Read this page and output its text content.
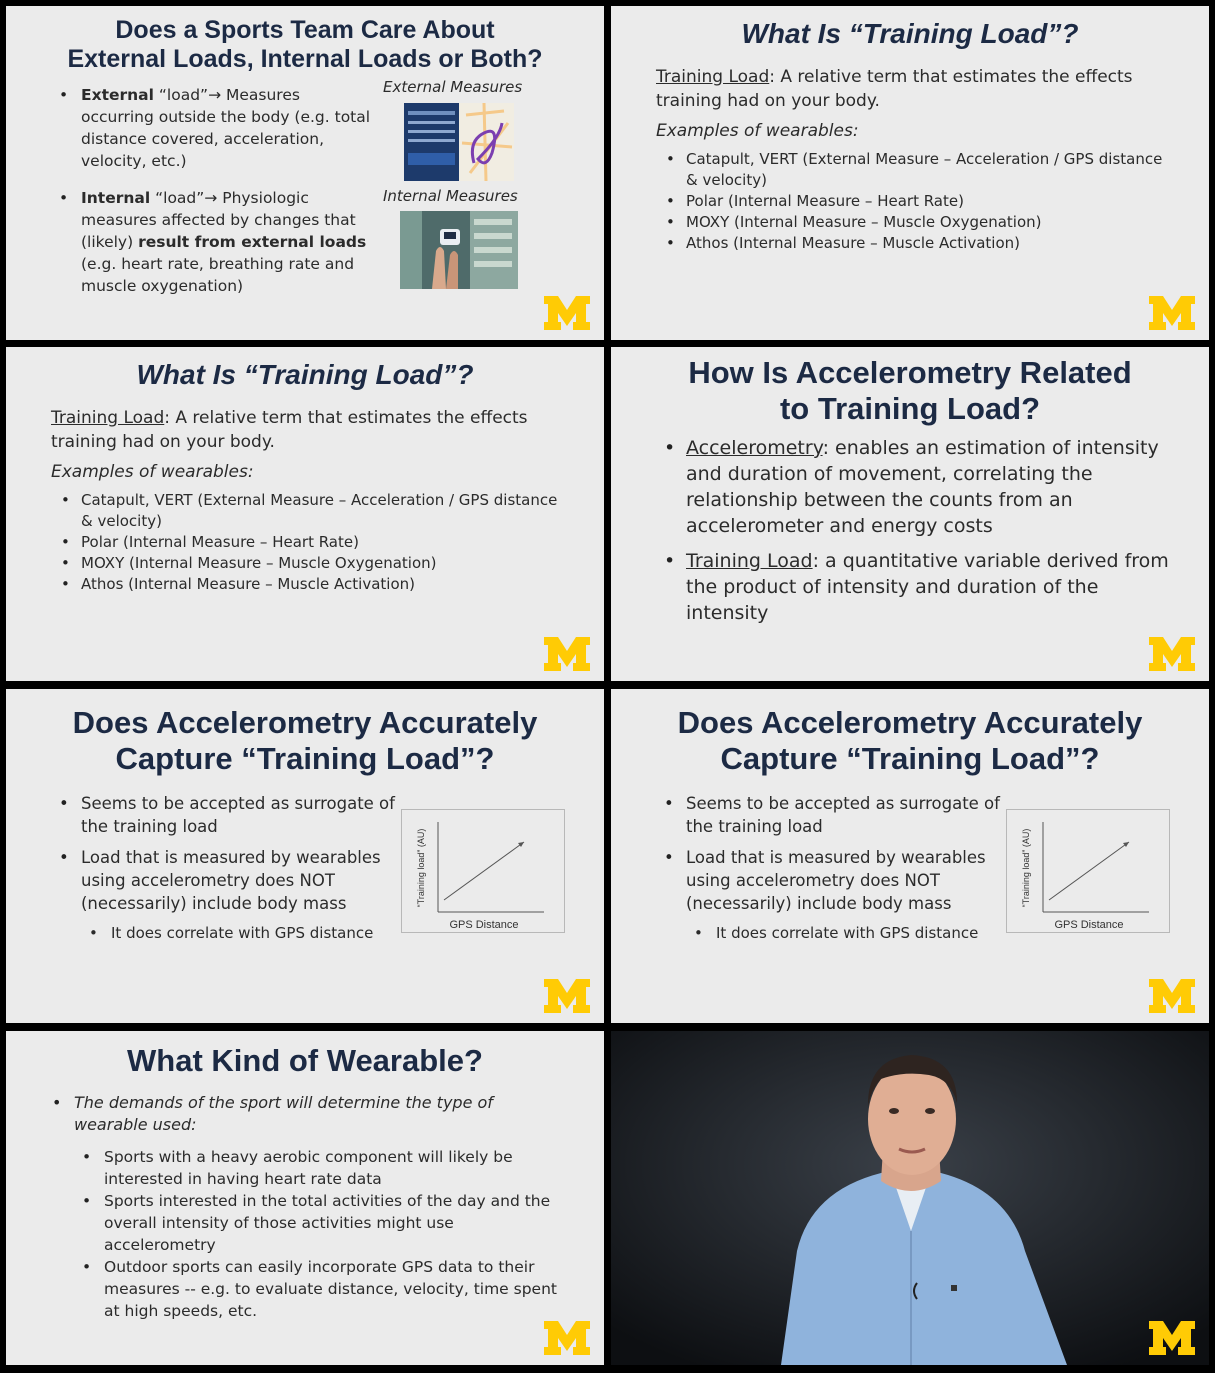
Does a Sports Team Care About
External Loads, Internal Loads or Both?
• External “load”→ Measures occurring outside the body (e.g. total distance covered, acceleration, velocity, etc.)
• Internal “load”→ Physiologic measures affected by changes that (likely) result from external loads (e.g. heart rate, breathing rate and muscle oxygenation)
External Measures
Internal Measures
What Is “Training Load”?
Training Load: A relative term that estimates the effects training had on your body.
Examples of wearables:
• Catapult, VERT (External Measure – Acceleration / GPS distance & velocity)
• Polar (Internal Measure – Heart Rate)
• MOXY (Internal Measure – Muscle Oxygenation)
• Athos (Internal Measure – Muscle Activation)
What Is “Training Load”?
Training Load: A relative term that estimates the effects training had on your body.
Examples of wearables:
• Catapult, VERT (External Measure – Acceleration / GPS distance & velocity)
• Polar (Internal Measure – Heart Rate)
• MOXY (Internal Measure – Muscle Oxygenation)
• Athos (Internal Measure – Muscle Activation)
How Is Accelerometry Related
to Training Load?
• Accelerometry: enables an estimation of intensity and duration of movement, correlating the relationship between the counts from an accelerometer and energy costs
• Training Load: a quantitative variable derived from the product of intensity and duration of the intensity
Does Accelerometry Accurately
Capture “Training Load”?
• Seems to be accepted as surrogate of the training load
• Load that is measured by wearables using accelerometry does NOT (necessarily) include body mass
• It does correlate with GPS distance	GPS Distance
“Training load” (AU)
Does Accelerometry Accurately
Capture “Training Load”?
• Seems to be accepted as surrogate of the training load
• Load that is measured by wearables using accelerometry does NOT (necessarily) include body mass
• It does correlate with GPS distance	GPS Distance
“Training load” (AU)
What Kind of Wearable?
• The demands of the sport will determine the type of wearable used:
• Sports with a heavy aerobic component will likely be interested in having heart rate data
• Sports interested in the total activities of the day and the overall intensity of those activities might use accelerometry
• Outdoor sports can easily incorporate GPS data to their measures -- e.g. to evaluate distance, velocity, time spent at high speeds, etc.
